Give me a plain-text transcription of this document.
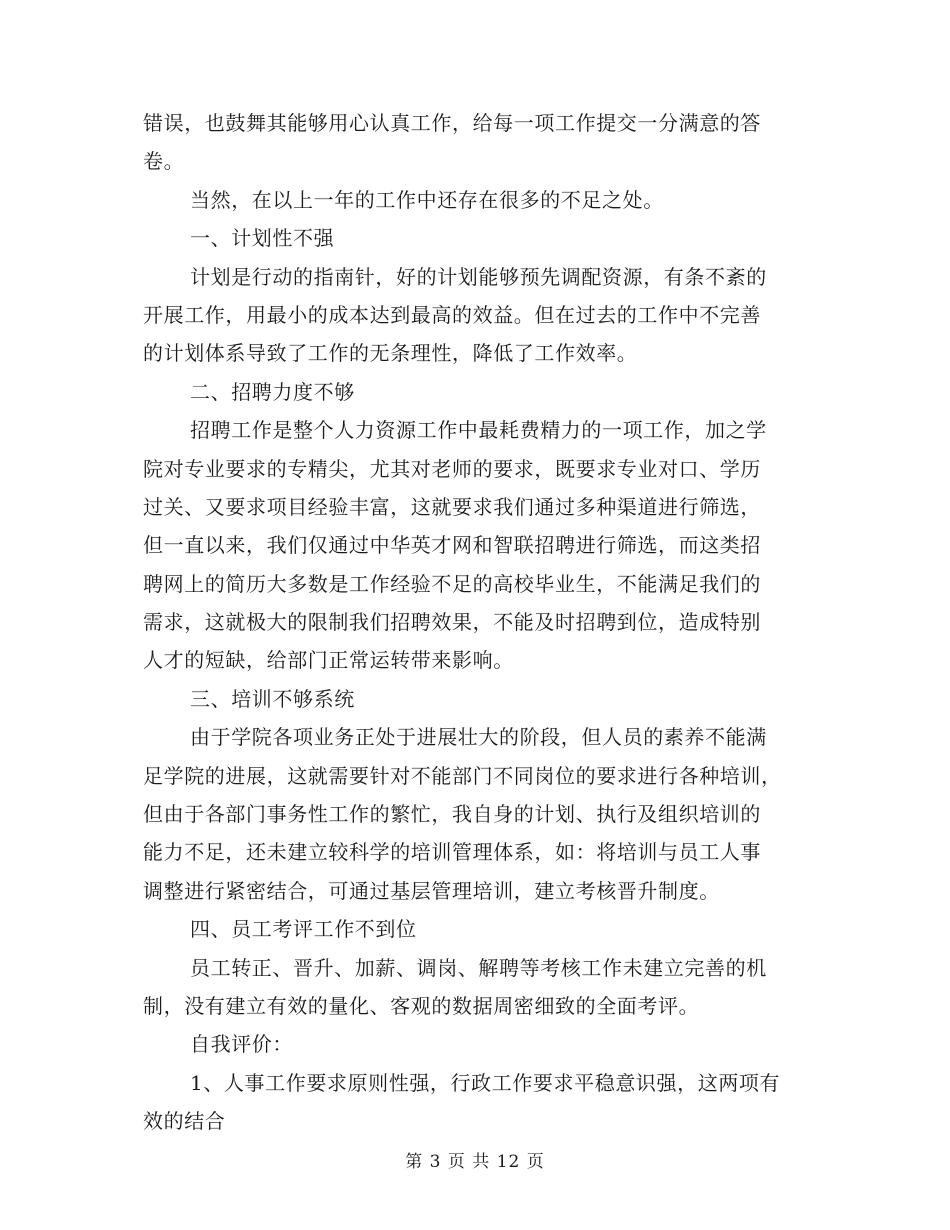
错误，也鼓舞其能够用心认真工作，给每一项工作提交一分满意的答
卷。
当然，在以上一年的工作中还存在很多的不足之处。
一、计划性不强
计划是行动的指南针，好的计划能够预先调配资源，有条不紊的
开展工作，用最小的成本达到最高的效益。但在过去的工作中不完善
的计划体系导致了工作的无条理性，降低了工作效率。
二、招聘力度不够
招聘工作是整个人力资源工作中最耗费精力的一项工作，加之学
院对专业要求的专精尖，尤其对老师的要求，既要求专业对口、学历
过关、又要求项目经验丰富，这就要求我们通过多种渠道进行筛选，
但一直以来，我们仅通过中华英才网和智联招聘进行筛选，而这类招
聘网上的简历大多数是工作经验不足的高校毕业生，不能满足我们的
需求，这就极大的限制我们招聘效果，不能及时招聘到位，造成特别
人才的短缺，给部门正常运转带来影响。
三、培训不够系统
由于学院各项业务正处于进展壮大的阶段，但人员的素养不能满
足学院的进展，这就需要针对不能部门不同岗位的要求进行各种培训，
但由于各部门事务性工作的繁忙，我自身的计划、执行及组织培训的
能力不足，还未建立较科学的培训管理体系，如：将培训与员工人事
调整进行紧密结合，可通过基层管理培训，建立考核晋升制度。
四、员工考评工作不到位
员工转正、晋升、加薪、调岗、解聘等考核工作未建立完善的机
制，没有建立有效的量化、客观的数据周密细致的全面考评。
自我评价：
1、人事工作要求原则性强，行政工作要求平稳意识强，这两项有
效的结合
第 3 页 共 12 页
